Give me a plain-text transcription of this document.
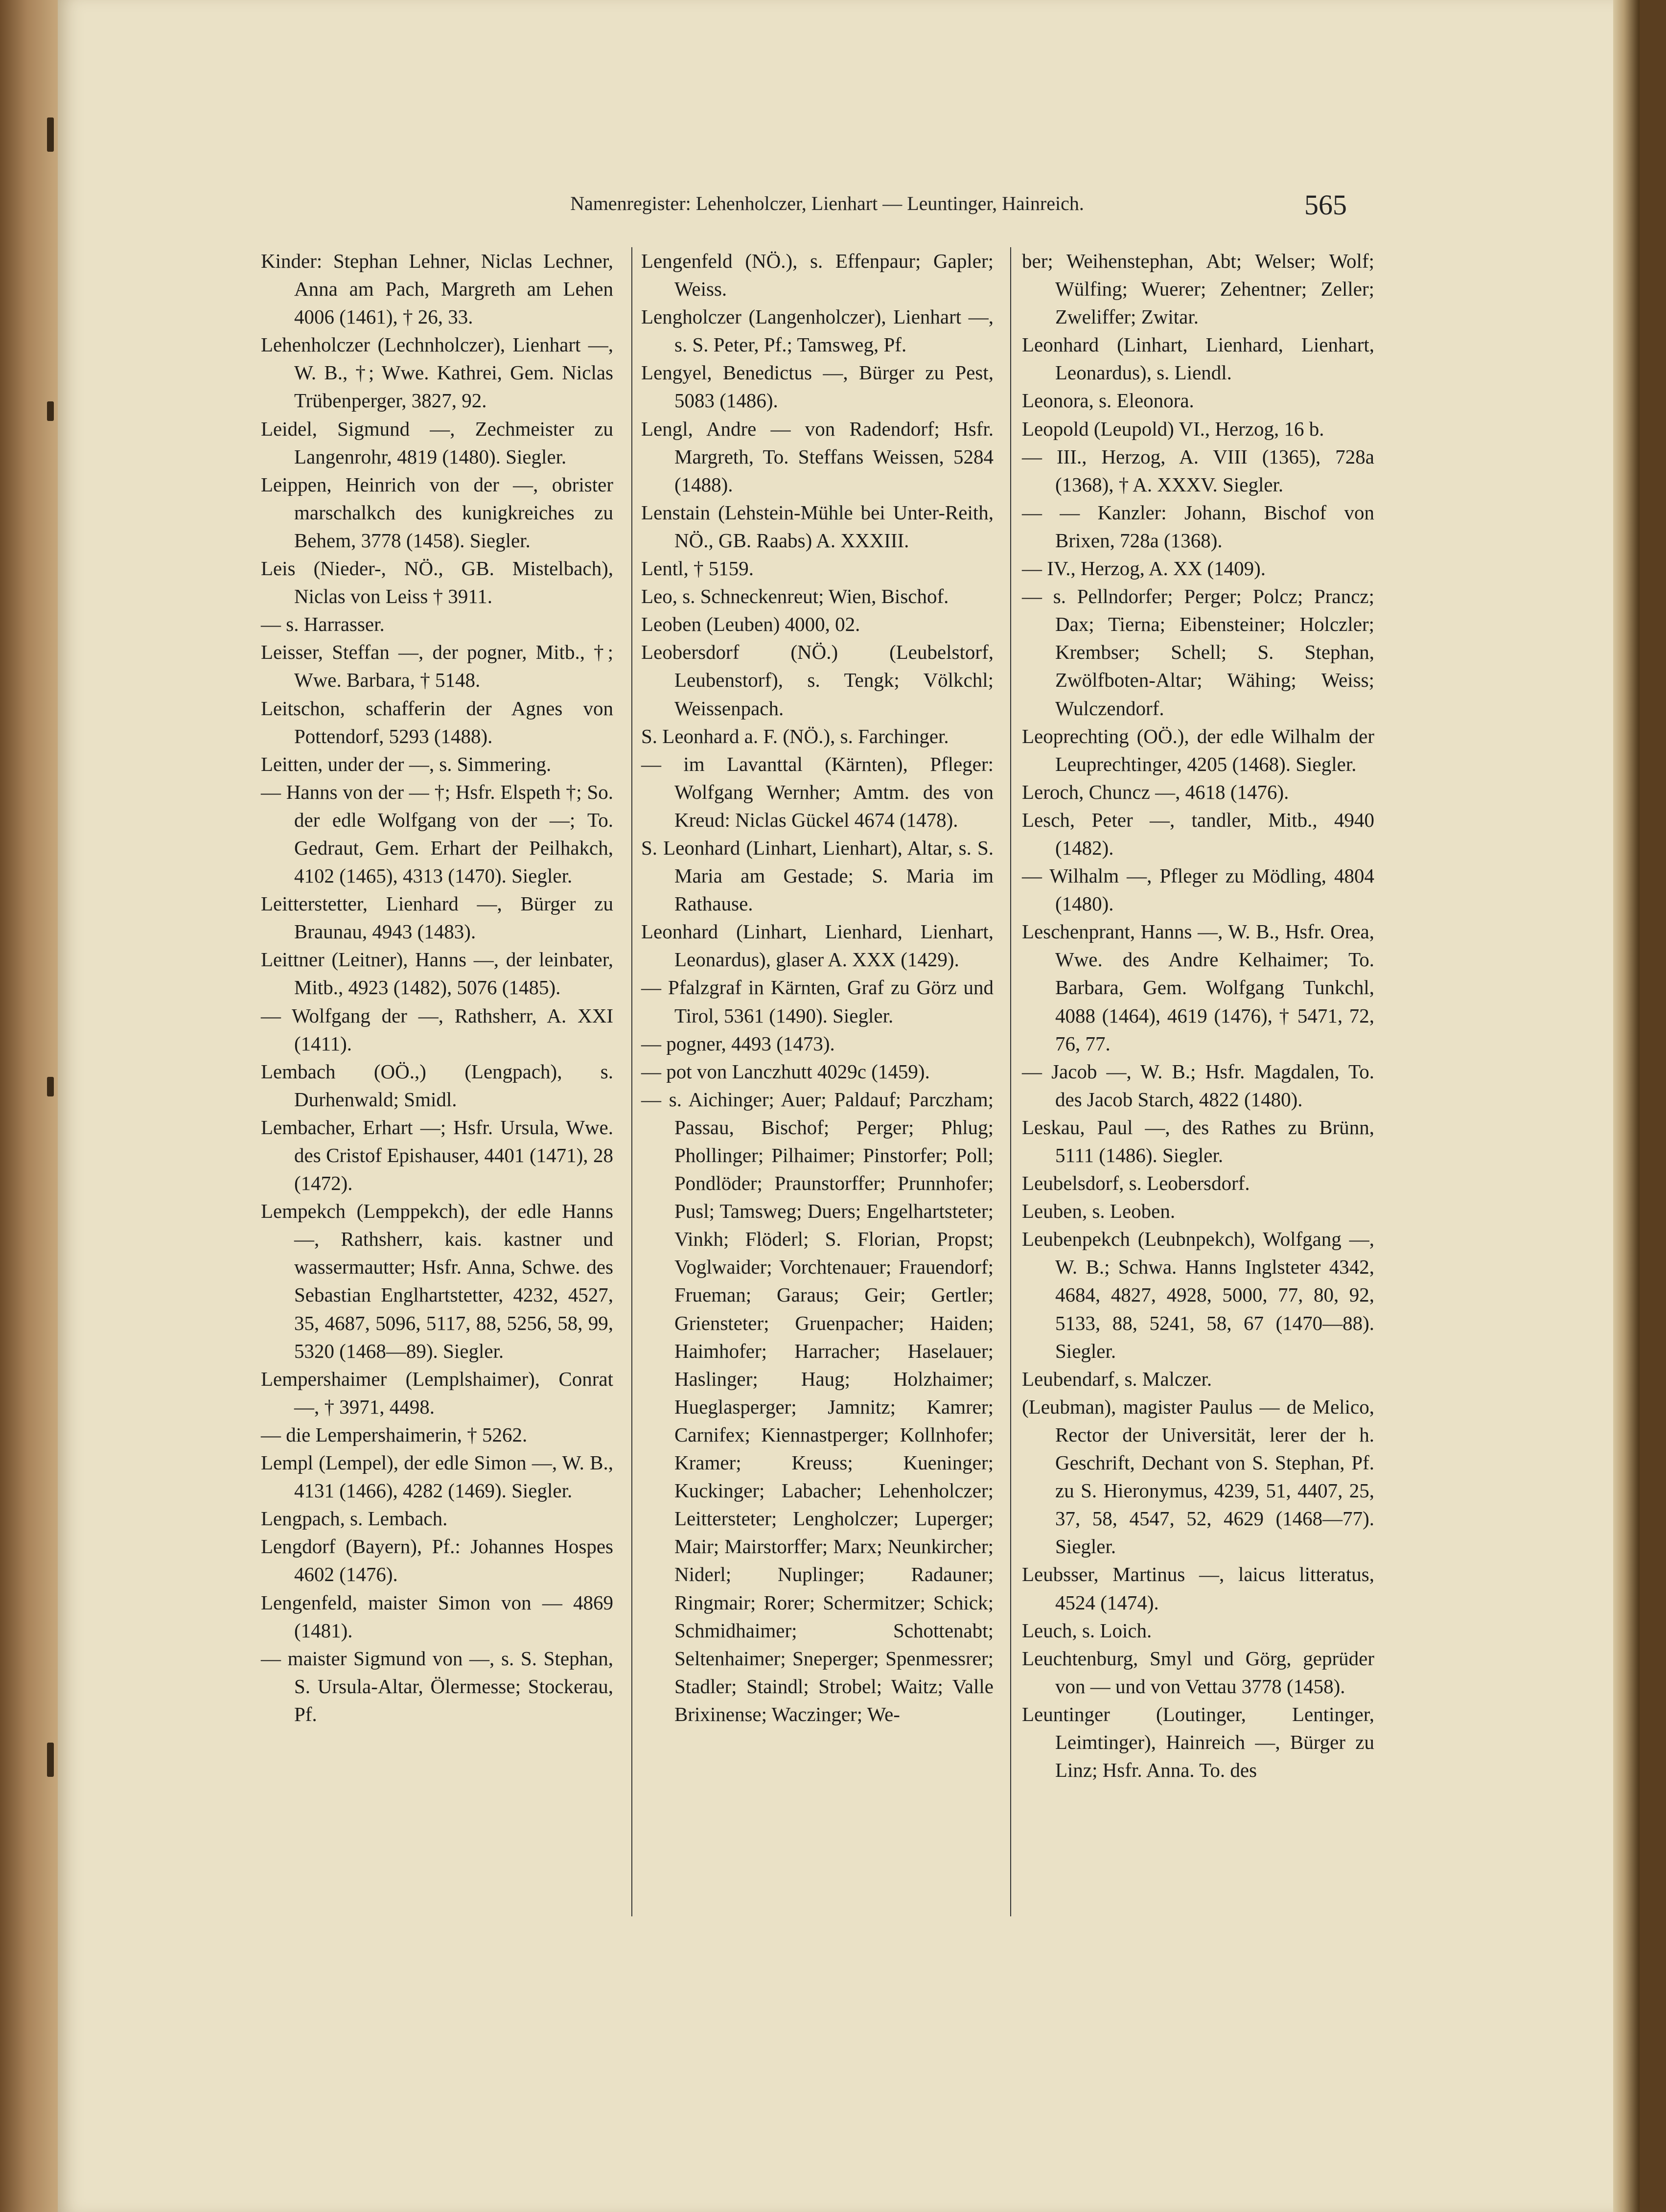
Namenregister: Lehenholczer, Lienhart — Leuntinger, Hainreich.	565
Kinder: Stephan Lehner, Niclas Lechner, Anna am Pach, Margreth am Lehen 4006 (1461), † 26, 33.
Lehenholczer (Lechnholczer), Lienhart —, W. B., †; Wwe. Kathrei, Gem. Niclas Trübenperger, 3827, 92.
Leidel, Sigmund —, Zechmeister zu Langenrohr, 4819 (1480). Siegler.
Leippen, Heinrich von der —, obrister marschalkch des kunigkreiches zu Behem, 3778 (1458). Siegler.
Leis (Nieder-, NÖ., GB. Mistelbach), Niclas von Leiss † 3911.
— s. Harrasser.
Leisser, Steffan —, der pogner, Mitb., †; Wwe. Barbara, † 5148.
Leitschon, schafferin der Agnes von Pottendorf, 5293 (1488).
Leitten, under der —, s. Simmering.
— Hanns von der — †; Hsfr. Elspeth †; So. der edle Wolfgang von der —; To. Gedraut, Gem. Erhart der Peilhakch, 4102 (1465), 4313 (1470). Siegler.
Leitterstetter, Lienhard —, Bürger zu Braunau, 4943 (1483).
Leittner (Leitner), Hanns —, der leinbater, Mitb., 4923 (1482), 5076 (1485).
— Wolfgang der —, Rathsherr, A. XXI (1411).
Lembach (OÖ.,) (Lengpach), s. Durhenwald; Smidl.
Lembacher, Erhart —; Hsfr. Ursula, Wwe. des Cristof Epishauser, 4401 (1471), 28 (1472).
Lempekch (Lemppekch), der edle Hanns —, Rathsherr, kais. kastner und wassermautter; Hsfr. Anna, Schwe. des Sebastian Englhartstetter, 4232, 4527, 35, 4687, 5096, 5117, 88, 5256, 58, 99, 5320 (1468—89). Siegler.
Lempershaimer (Lemplshaimer), Conrat —, † 3971, 4498.
— die Lempershaimerin, † 5262.
Lempl (Lempel), der edle Simon —, W. B., 4131 (1466), 4282 (1469). Siegler.
Lengpach, s. Lembach.
Lengdorf (Bayern), Pf.: Johannes Hospes 4602 (1476).
Lengenfeld, maister Simon von — 4869 (1481).
— maister Sigmund von —, s. S. Stephan, S. Ursula-Altar, Ölermesse; Stockerau, Pf.
Lengenfeld (NÖ.), s. Effenpaur; Gapler; Weiss.
Lengholczer (Langenholczer), Lienhart —, s. S. Peter, Pf.; Tamsweg, Pf.
Lengyel, Benedictus —, Bürger zu Pest, 5083 (1486).
Lengl, Andre — von Radendorf; Hsfr. Margreth, To. Steffans Weissen, 5284 (1488).
Lenstain (Lehstein-Mühle bei Unter-Reith, NÖ., GB. Raabs) A. XXXIII.
Lentl, † 5159.
Leo, s. Schneckenreut; Wien, Bischof.
Leoben (Leuben) 4000, 02.
Leobersdorf (NÖ.) (Leubelstorf, Leubenstorf), s. Tengk; Völkchl; Weissenpach.
S. Leonhard a. F. (NÖ.), s. Farchinger.
— im Lavanttal (Kärnten), Pfleger: Wolfgang Wernher; Amtm. des von Kreud: Niclas Gückel 4674 (1478).
S. Leonhard (Linhart, Lienhart), Altar, s. S. Maria am Gestade; S. Maria im Rathause.
Leonhard (Linhart, Lienhard, Lienhart, Leonardus), glaser A. XXX (1429).
— Pfalzgraf in Kärnten, Graf zu Görz und Tirol, 5361 (1490). Siegler.
— pogner, 4493 (1473).
— pot von Lanczhutt 4029c (1459).
— s. Aichinger; Auer; Paldauf; Parczham; Passau, Bischof; Perger; Phlug; Phollinger; Pilhaimer; Pinstorfer; Poll; Pondlöder; Praunstorffer; Prunnhofer; Pusl; Tamsweg; Duers; Engelhartsteter; Vinkh; Flöderl; S. Florian, Propst; Voglwaider; Vorchtenauer; Frauendorf; Frueman; Garaus; Geir; Gertler; Griensteter; Gruenpacher; Haiden; Haimhofer; Harracher; Haselauer; Haslinger; Haug; Holzhaimer; Hueglasperger; Jamnitz; Kamrer; Carnifex; Kiennastperger; Kollnhofer; Kramer; Kreuss; Kueninger; Kuckinger; Labacher; Lehenholczer; Leittersteter; Lengholczer; Luperger; Mair; Mairstorffer; Marx; Neunkircher; Niderl; Nuplinger; Radauner; Ringmair; Rorer; Schermitzer; Schick; Schmidhaimer; Schottenabt; Seltenhaimer; Sneperger; Spenmessrer; Stadler; Staindl; Strobel; Waitz; Valle Brixinense; Waczinger; We-
ber; Weihenstephan, Abt; Welser; Wolf; Wülfing; Wuerer; Zehentner; Zeller; Zweliffer; Zwitar.
Leonhard (Linhart, Lienhard, Lienhart, Leonardus), s. Liendl.
Leonora, s. Eleonora.
Leopold (Leupold) VI., Herzog, 16 b.
— III., Herzog, A. VIII (1365), 728a (1368), † A. XXXV. Siegler.
— — Kanzler: Johann, Bischof von Brixen, 728a (1368).
— IV., Herzog, A. XX (1409).
— s. Pellndorfer; Perger; Polcz; Prancz; Dax; Tierna; Eibensteiner; Holczler; Krembser; Schell; S. Stephan, Zwölfboten-Altar; Wähing; Weiss; Wulczendorf.
Leoprechting (OÖ.), der edle Wilhalm der Leuprechtinger, 4205 (1468). Siegler.
Leroch, Chuncz —, 4618 (1476).
Lesch, Peter —, tandler, Mitb., 4940 (1482).
— Wilhalm —, Pfleger zu Mödling, 4804 (1480).
Leschenprant, Hanns —, W. B., Hsfr. Orea, Wwe. des Andre Kelhaimer; To. Barbara, Gem. Wolfgang Tunkchl, 4088 (1464), 4619 (1476), † 5471, 72, 76, 77.
— Jacob —, W. B.; Hsfr. Magdalen, To. des Jacob Starch, 4822 (1480).
Leskau, Paul —, des Rathes zu Brünn, 5111 (1486). Siegler.
Leubelsdorf, s. Leobersdorf.
Leuben, s. Leoben.
Leubenpekch (Leubnpekch), Wolfgang —, W. B.; Schwa. Hanns Inglsteter 4342, 4684, 4827, 4928, 5000, 77, 80, 92, 5133, 88, 5241, 58, 67 (1470—88). Siegler.
Leubendarf, s. Malczer.
(Leubman), magister Paulus — de Melico, Rector der Universität, lerer der h. Geschrift, Dechant von S. Stephan, Pf. zu S. Hieronymus, 4239, 51, 4407, 25, 37, 58, 4547, 52, 4629 (1468—77). Siegler.
Leubsser, Martinus —, laicus litteratus, 4524 (1474).
Leuch, s. Loich.
Leuchtenburg, Smyl und Görg, geprüder von — und von Vettau 3778 (1458).
Leuntinger (Loutinger, Lentinger, Leimtinger), Hainreich —, Bürger zu Linz; Hsfr. Anna. To. des
